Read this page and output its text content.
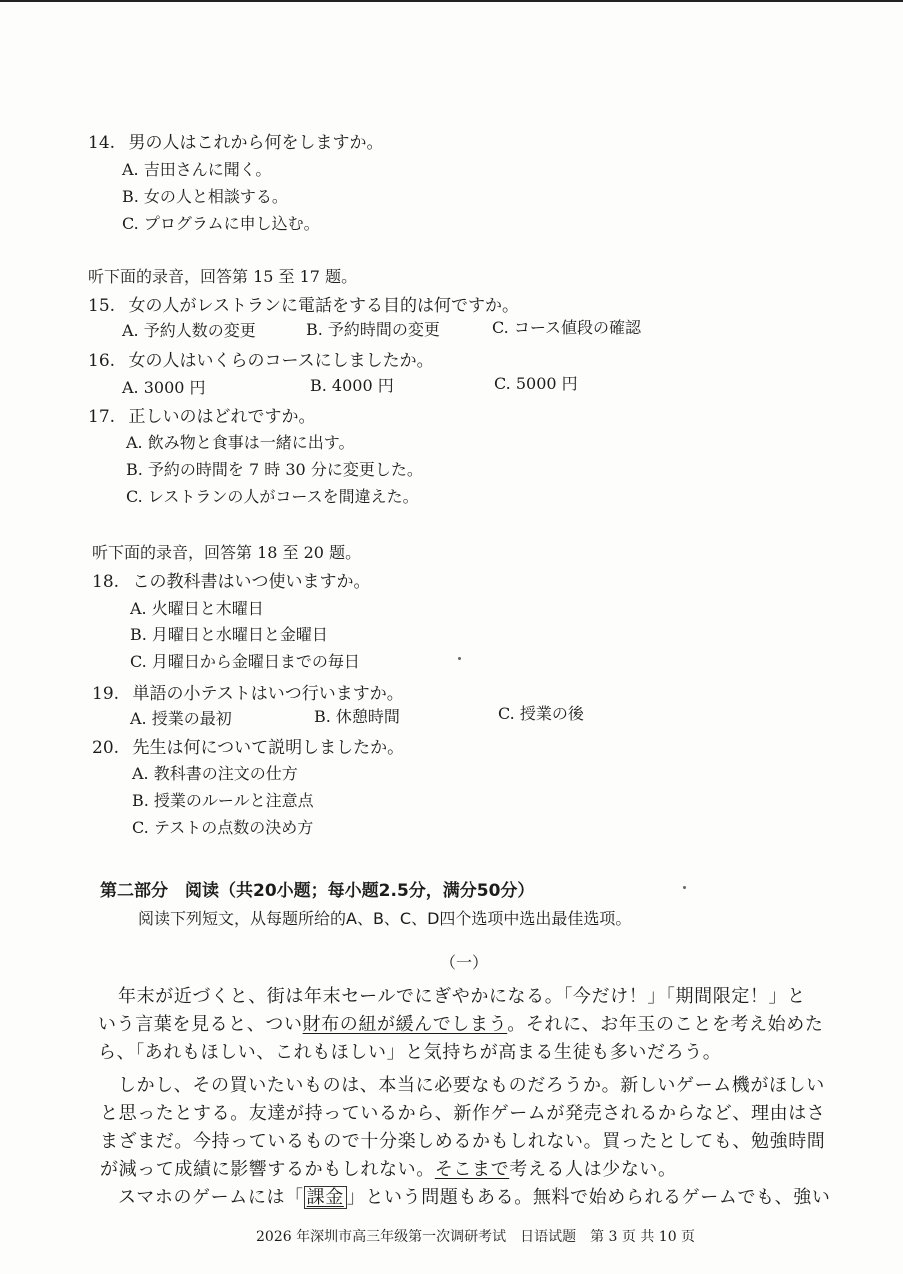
14. 男の人はこれから何をしますか。
A. 吉田さんに聞く。
B. 女の人と相談する。
C. プログラムに申し込む。
听下面的录音，回答第 15 至 17 题。
15. 女の人がレストランに電話をする目的は何ですか。
A. 予約人数の変更	B. 予約時間の変更	C. コース値段の確認
16. 女の人はいくらのコースにしましたか。
A. 3000 円	B. 4000 円	C. 5000 円
17. 正しいのはどれですか。
A. 飲み物と食事は一緒に出す。
B. 予約の時間を 7 時 30 分に変更した。
C. レストランの人がコースを間違えた。
听下面的录音，回答第 18 至 20 题。
18. この教科書はいつ使いますか。
A. 火曜日と木曜日
B. 月曜日と水曜日と金曜日
C. 月曜日から金曜日までの毎日
19. 単語の小テストはいつ行いますか。
A. 授業の最初	B. 休憩時間	C. 授業の後
20. 先生は何について説明しましたか。
A. 教科書の注文の仕方
B. 授業のルールと注意点
C. テストの点数の決め方
第二部分　阅读（共20小题；每小题2.5分，满分50分）
阅读下列短文，从每题所给的A、B、C、D四个选项中选出最佳选项。
（一）
年末が近づくと、街は年末セールでにぎやかになる。「今だけ！」「期間限定！」と
いう言葉を見ると、つい財布の紐が緩んでしまう。それに、お年玉のことを考え始めた
ら、「あれもほしい、これもほしい」と気持ちが高まる生徒も多いだろう。
しかし、その買いたいものは、本当に必要なものだろうか。新しいゲーム機がほしい
と思ったとする。友達が持っているから、新作ゲームが発売されるからなど、理由はさ
まざまだ。今持っているもので十分楽しめるかもしれない。買ったとしても、勉強時間
が減って成績に影響するかもしれない。そこまで考える人は少ない。
スマホのゲームには「 課金 」という問題もある。無料で始められるゲームでも、強い
2026 年深圳市高三年级第一次调研考试　日语试题　第 3 页 共 10 页
